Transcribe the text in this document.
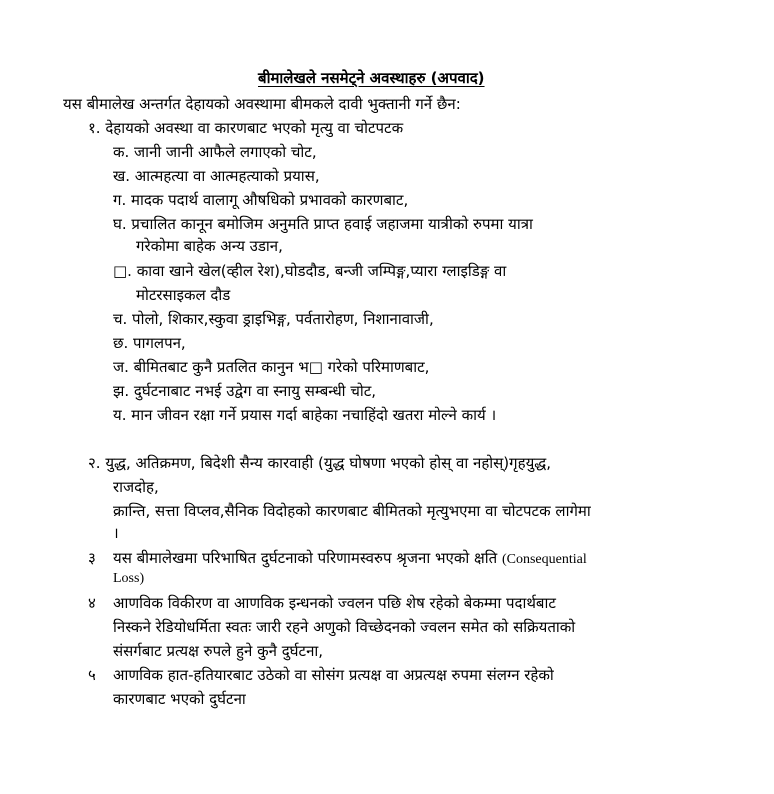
बीमालेखले नसमेट्ने अवस्थाहरु (अपवाद)
यस बीमालेख अन्तर्गत देहायको अवस्थामा बीमकले दावी भुक्तानी गर्ने छैन:
१. देहायको अवस्था वा कारणबाट भएको मृत्यु वा चोटपटक
क. जानी जानी आफैले लगाएको चोट,
ख. आत्महत्या वा आत्महत्याको प्रयास,
ग. मादक पदार्थ वालागू औषधिको प्रभावको कारणबाट,
घ. प्रचालित कानून बमोजिम अनुमति प्राप्त हवाई जहाजमा यात्रीको रुपमा यात्रा
गरेकोमा बाहेक अन्य उडान,
□. कावा खाने खेल(व्हील रेश),घोडदौड, बन्जी जम्पिङ्ग,प्यारा ग्लाइडिङ्ग वा
मोटरसाइकल दौड
च. पोलो, शिकार,स्कुवा ड्राइभिङ्ग, पर्वतारोहण, निशानावाजी,
छ. पागलपन,
ज. बीमितबाट कुनै प्रतलित कानुन भ□ गरेको परिमाणबाट,
झ. दुर्घटनाबाट नभई उद्वेग वा स्नायु सम्बन्धी चोट,
य. मान जीवन रक्षा गर्ने प्रयास गर्दा बाहेका नचाहिंदो खतरा मोल्ने कार्य ।
२. युद्ध, अतिक्रमण, बिदेशी सैन्य कारवाही (युद्ध घोषणा भएको होस् वा नहोस्)गृहयुद्ध,
राजदोह,
क्रान्ति, सत्ता विप्लव,सैनिक विदोहको कारणबाट बीमितको मृत्युभएमा वा चोटपटक लागेमा
।
३ यस बीमालेखमा परिभाषित दुर्घटनाको परिणामस्वरुप श्रृजना भएको क्षति (Consequential
Loss)
४ आणविक विकीरण वा आणविक इन्धनको ज्वलन पछि शेष रहेको बेकम्मा पदार्थबाट
निस्कने रेडियोधर्मिता स्वतः जारी रहने अणुको विच्छेदनको ज्वलन समेत को सक्रियताको
संसर्गबाट प्रत्यक्ष रुपले हुने कुनै दुर्घटना,
५ आणविक हात-हतियारबाट उठेको वा सोसंग प्रत्यक्ष वा अप्रत्यक्ष रुपमा संलग्न रहेको
कारणबाट भएको दुर्घटना
